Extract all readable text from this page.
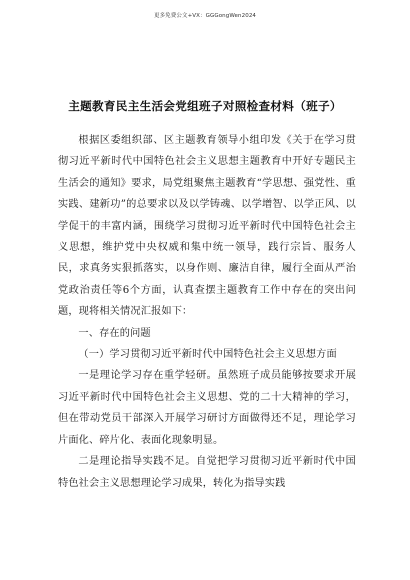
更多免费公文+VX：GGGongWen2024
主题教育民主生活会党组班子对照检查材料（班子）

根据区委组织部、区主题教育领导小组印发《关于在学习贯彻习近平新时代中国特色社会主义思想主题教育中开好专题民主生活会的通知》要求，局党组聚焦主题教育“学思想、强党性、重实践、建新功”的总要求以及以学铸魂、以学增智、以学正风、以学促干的丰富内涵，围绕学习贯彻习近平新时代中国特色社会主义思想，维护党中央权威和集中统一领导，践行宗旨、服务人民，求真务实狠抓落实，以身作则、廉洁自律，履行全面从严治党政治责任等6个方面，认真查摆主题教育工作中存在的突出问题，现将相关情况汇报如下：

一、存在的问题

（一）学习贯彻习近平新时代中国特色社会主义思想方面

一是理论学习存在重学轻研。虽然班子成员能够按要求开展习近平新时代中国特色社会主义思想、党的二十大精神的学习，但在带动党员干部深入开展学习研讨方面做得还不足，理论学习片面化、碎片化、表面化现象明显。

二是理论指导实践不足。自觉把学习贯彻习近平新时代中国特色社会主义思想理论学习成果，转化为指导实践
